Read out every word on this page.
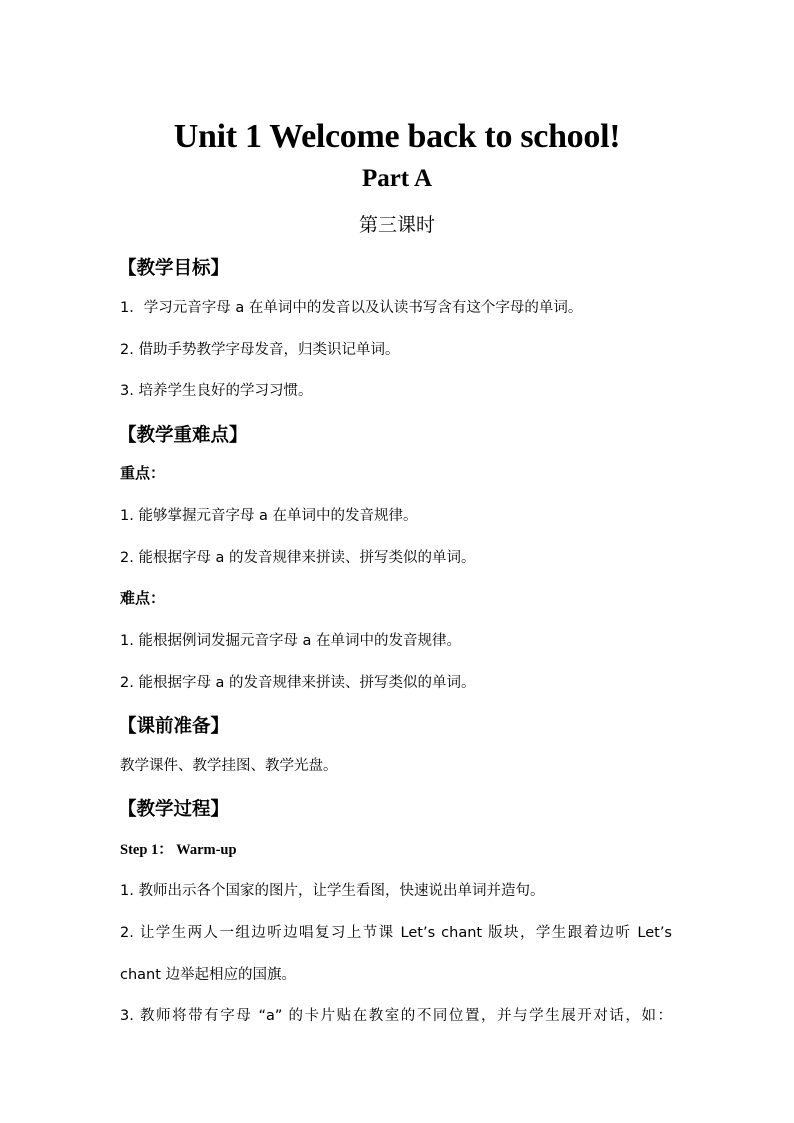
Unit 1 Welcome back to school!
Part A
第三课时
【教学目标】
1．学习元音字母 a 在单词中的发音以及认读书写含有这个字母的单词。
2. 借助手势教学字母发音，归类识记单词。
3. 培养学生良好的学习习惯。
【教学重难点】
重点：
1. 能够掌握元音字母 a 在单词中的发音规律。
2. 能根据字母 a 的发音规律来拼读、拼写类似的单词。
难点：
1. 能根据例词发掘元音字母 a 在单词中的发音规律。
2. 能根据字母 a 的发音规律来拼读、拼写类似的单词。
【课前准备】
教学课件、教学挂图、教学光盘。
【教学过程】
Step 1： Warm-up
1. 教师出示各个国家的图片，让学生看图，快速说出单词并造句。
2. 让学生两人一组边听边唱复习上节课 Let’s chant 版块，学生跟着边听 Let’s
chant 边举起相应的国旗。
3. 教师将带有字母 “a” 的卡片贴在教室的不同位置，并与学生展开对话，如：
